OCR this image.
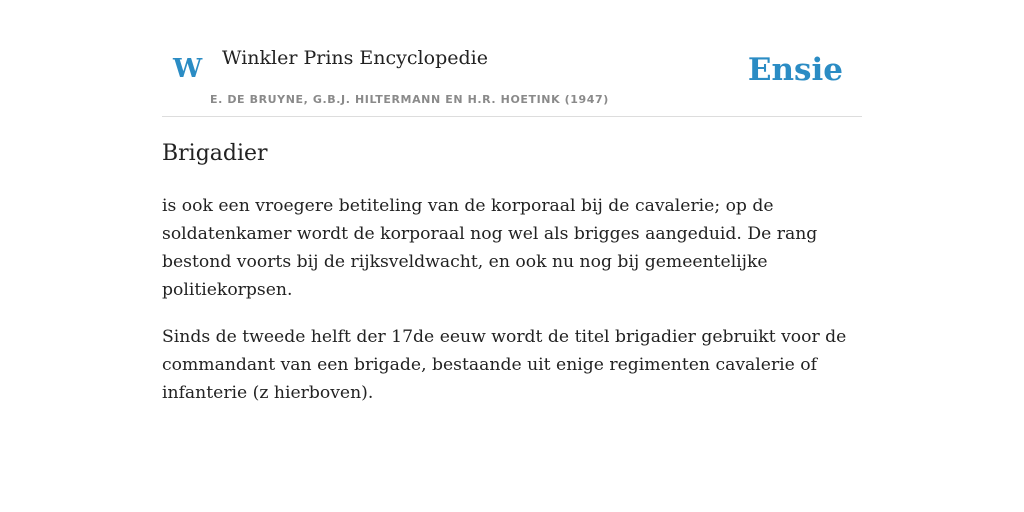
W Winkler Prins Encyclopedie
E. DE BRUYNE, G.B.J. HILTERMANN EN H.R. HOETINK (1947)
Ensie
Brigadier

is ook een vroegere betiteling van de korporaal bij de cavalerie; op de soldatenkamer wordt de korporaal nog wel als brigges aangeduid. De rang bestond voorts bij de rijksveldwacht, en ook nu nog bij gemeentelijke politiekorpsen.

Sinds de tweede helft der 17de eeuw wordt de titel brigadier gebruikt voor de commandant van een brigade, bestaande uit enige regimenten cavalerie of infanterie (z hierboven).
